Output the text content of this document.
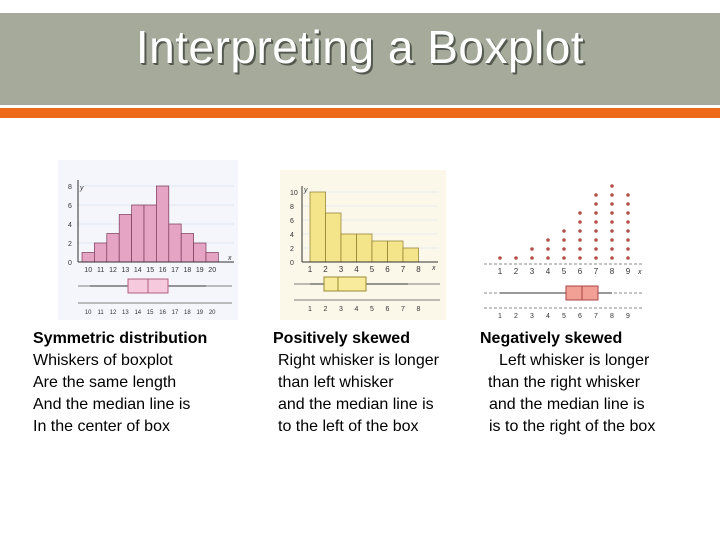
Interpreting a Boxplot
8
6
4
2
0
10 11 12 13 14 15 16 17 18 19 20
y
x
10 11 12 13 14 15 16 17 18 19 20
10
8
6
4
2
0
1 2 3 4 5 6 7 8
y
x
1 2 3 4 5 6 7 8
x
1 2 3 4 5 6 7 8 9
1 2 3 4 5 6 7 8 9
Symmetric distribution
Whiskers of boxplot
Are the same length
And the median line is
In the center of box
Positively skewed
Right whisker is longer
than left whisker
and the median line is
to the left of the box
Negatively skewed
Left whisker is longer
than the right whisker
and the median line is
is to the right of the box
